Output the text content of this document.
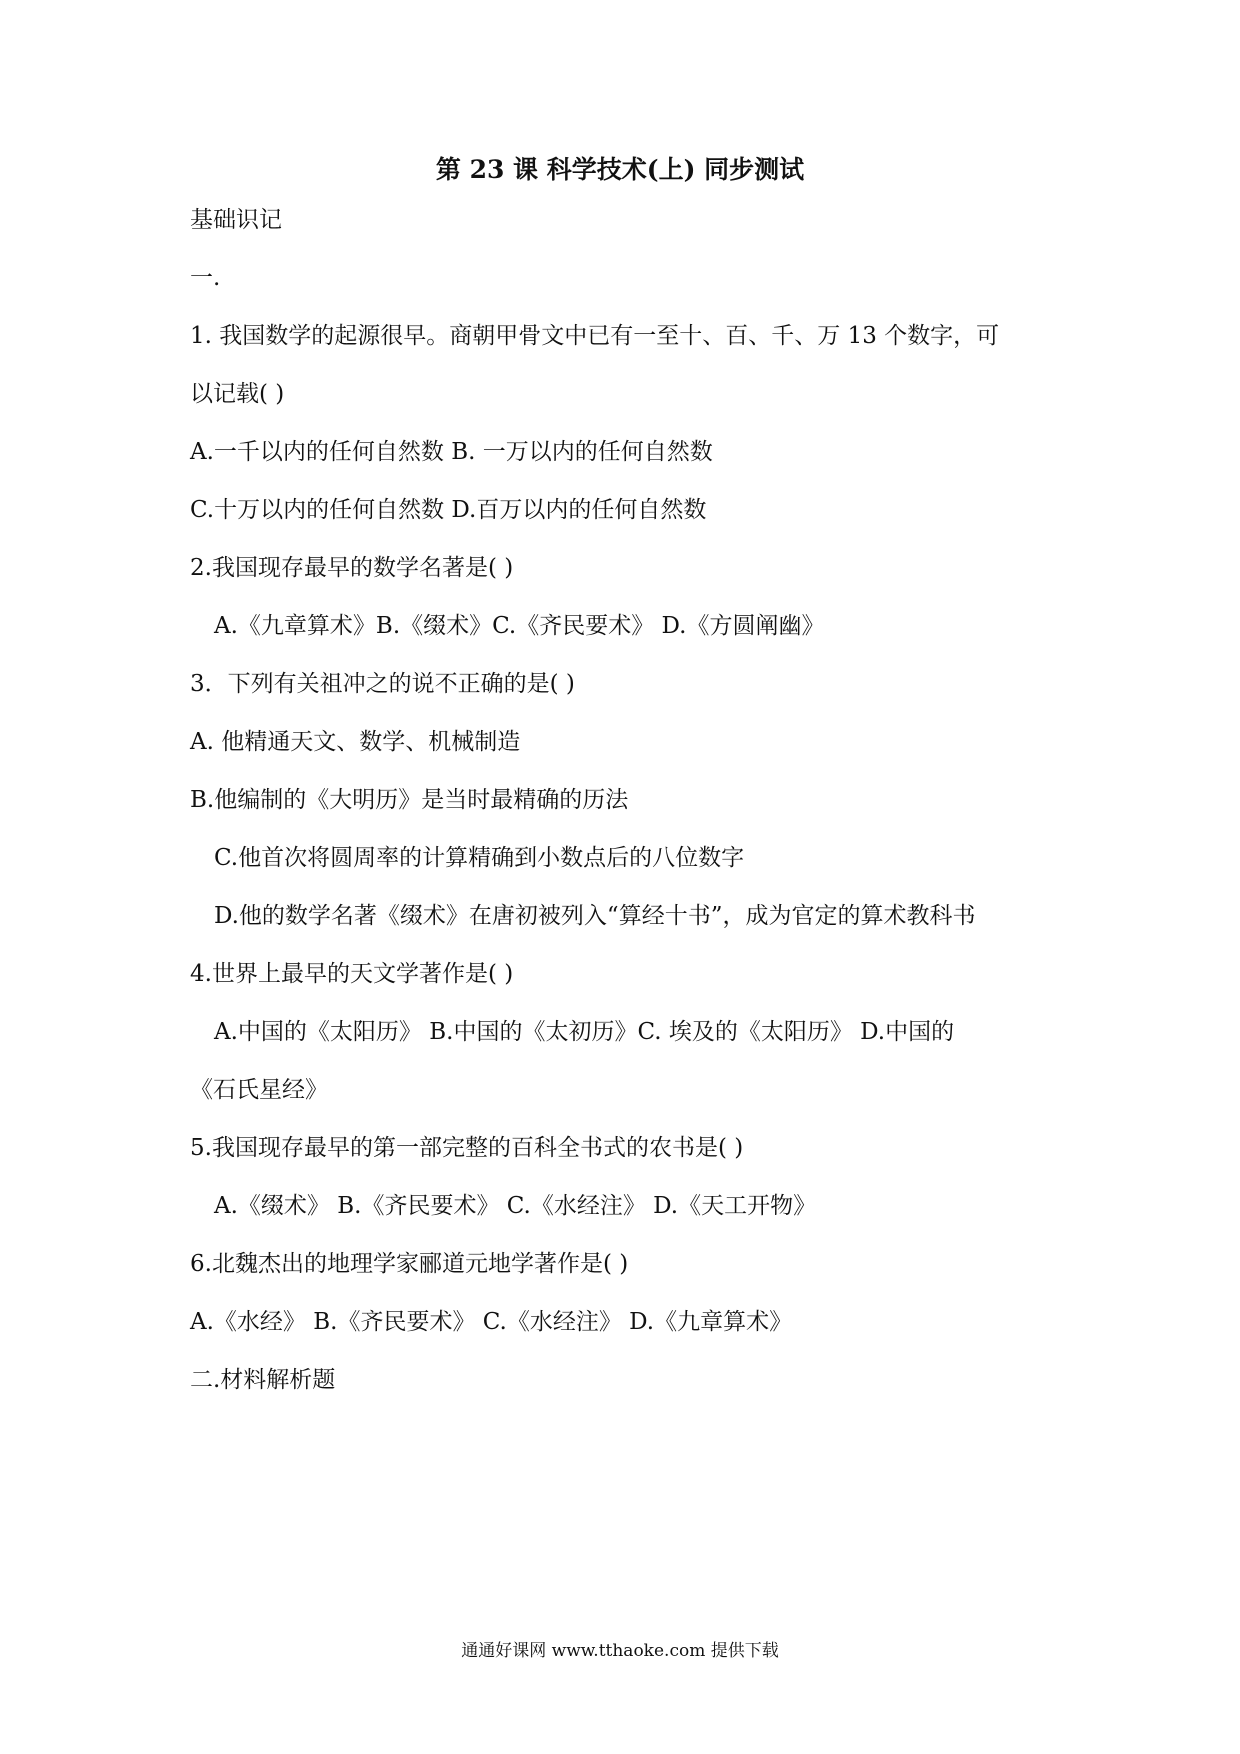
第 23 课 科学技术(上) 同步测试
基础识记
一.
1. 我国数学的起源很早。商朝甲骨文中已有一至十、百、千、万 13 个数字，可
以记载( )
A.一千以内的任何自然数 B. 一万以内的任何自然数
C.十万以内的任何自然数 D.百万以内的任何自然数
2.我国现存最早的数学名著是( )
A.《九章算术》B.《缀术》C.《齐民要术》 D.《方圆阐幽》
3．下列有关祖冲之的说不正确的是( )
A. 他精通天文、数学、机械制造
B.他编制的《大明历》是当时最精确的历法
C.他首次将圆周率的计算精确到小数点后的八位数字
D.他的数学名著《缀术》在唐初被列入“算经十书”，成为官定的算术教科书
4.世界上最早的天文学著作是( )
A.中国的《太阳历》 B.中国的《太初历》C. 埃及的《太阳历》 D.中国的
《石氏星经》
5.我国现存最早的第一部完整的百科全书式的农书是( )
A.《缀术》 B.《齐民要术》 C.《水经注》 D.《天工开物》
6.北魏杰出的地理学家郦道元地学著作是( )
A.《水经》 B.《齐民要术》 C.《水经注》 D.《九章算术》
二.材料解析题
通通好课网 www.tthaoke.com 提供下载
